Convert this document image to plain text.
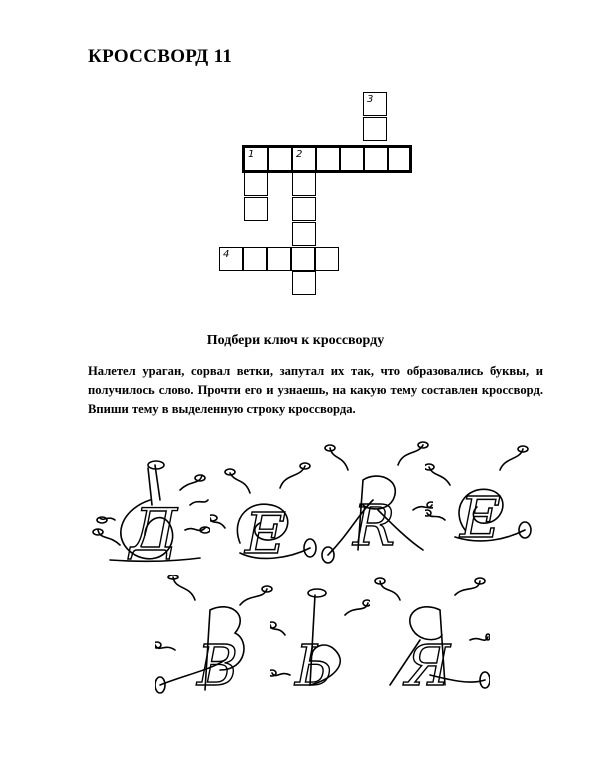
КРОССВОРД 11
3
1	2
4
Подбери ключ к кроссворду
Налетел ураган, сорвал ветки, запутал их так, что образовались буквы, и получилось слово. Прочти его и узнаешь, на какую тему составлен кроссворд. Впиши тему в выделенную строку кроссворда.
Д Е R Е
В Ь Я
